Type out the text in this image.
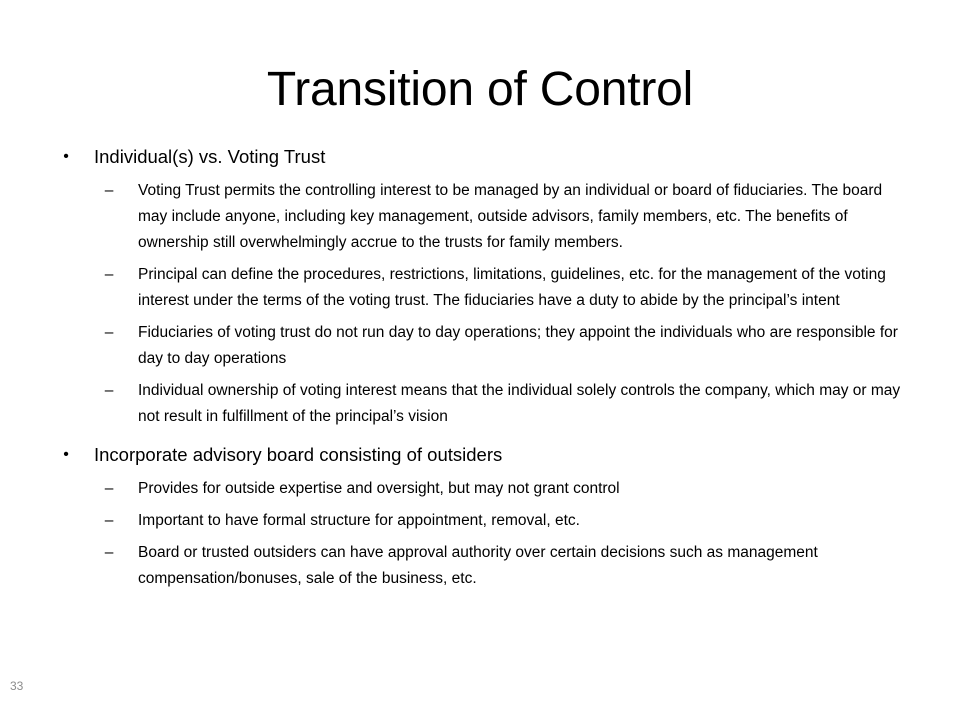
Transition of Control
• Individual(s) vs. Voting Trust
–	Voting Trust permits the controlling interest to be managed by an individual or board of fiduciaries. The board may include anyone, including key management, outside advisors, family members, etc. The benefits of ownership still overwhelmingly accrue to the trusts for family members.
–	Principal can define the procedures, restrictions, limitations, guidelines, etc. for the management of the voting interest under the terms of the voting trust. The fiduciaries have a duty to abide by the principal’s intent
–	Fiduciaries of voting trust do not run day to day operations; they appoint the individuals who are responsible for day to day operations
–	Individual ownership of voting interest means that the individual solely controls the company, which may or may not result in fulfillment of the principal’s vision
• Incorporate advisory board consisting of outsiders
–	Provides for outside expertise and oversight, but may not grant control
–	Important to have formal structure for appointment, removal, etc.
–	Board or trusted outsiders can have approval authority over certain decisions such as management compensation/bonuses, sale of the business, etc.
33
